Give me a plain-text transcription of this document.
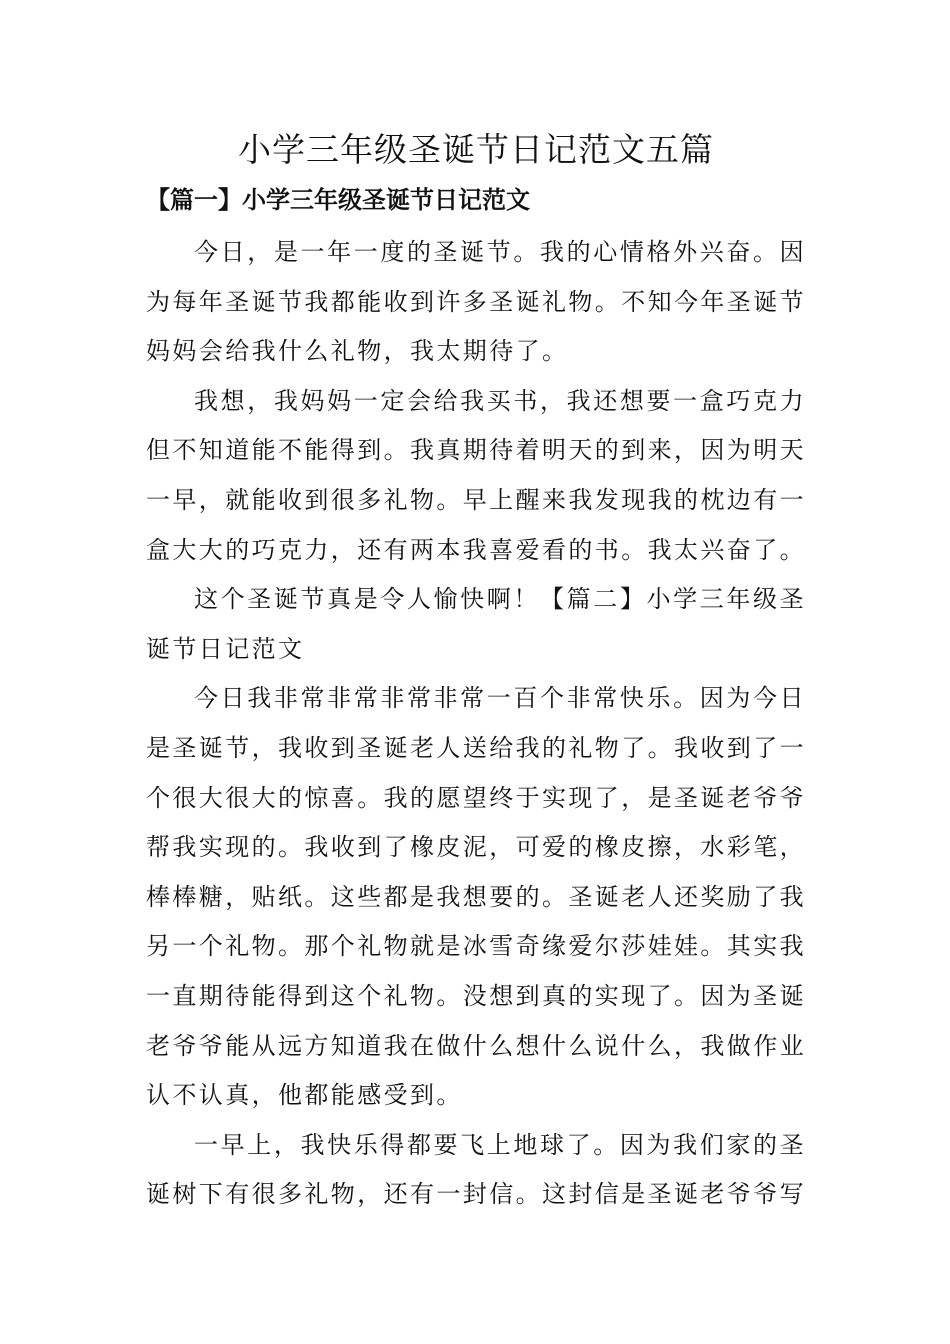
小学三年级圣诞节日记范文五篇
【篇一】小学三年级圣诞节日记范文

今日，是一年一度的圣诞节。我的心情格外兴奋。因为每年圣诞节我都能收到许多圣诞礼物。不知今年圣诞节妈妈会给我什么礼物，我太期待了。

我想，我妈妈一定会给我买书，我还想要一盒巧克力但不知道能不能得到。我真期待着明天的到来，因为明天一早，就能收到很多礼物。早上醒来我发现我的枕边有一盒大大的巧克力，还有两本我喜爱看的书。我太兴奋了。

这个圣诞节真是令人愉快啊！【篇二】小学三年级圣诞节日记范文

今日我非常非常非常非常一百个非常快乐。因为今日是圣诞节，我收到圣诞老人送给我的礼物了。我收到了一个很大很大的惊喜。我的愿望终于实现了，是圣诞老爷爷帮我实现的。我收到了橡皮泥，可爱的橡皮擦，水彩笔，棒棒糖，贴纸。这些都是我想要的。圣诞老人还奖励了我另一个礼物。那个礼物就是冰雪奇缘爱尔莎娃娃。其实我一直期待能得到这个礼物。没想到真的实现了。因为圣诞老爷爷能从远方知道我在做什么想什么说什么，我做作业认不认真，他都能感受到。

一早上，我快乐得都要飞上地球了。因为我们家的圣诞树下有很多礼物，还有一封信。这封信是圣诞老爷爷写
